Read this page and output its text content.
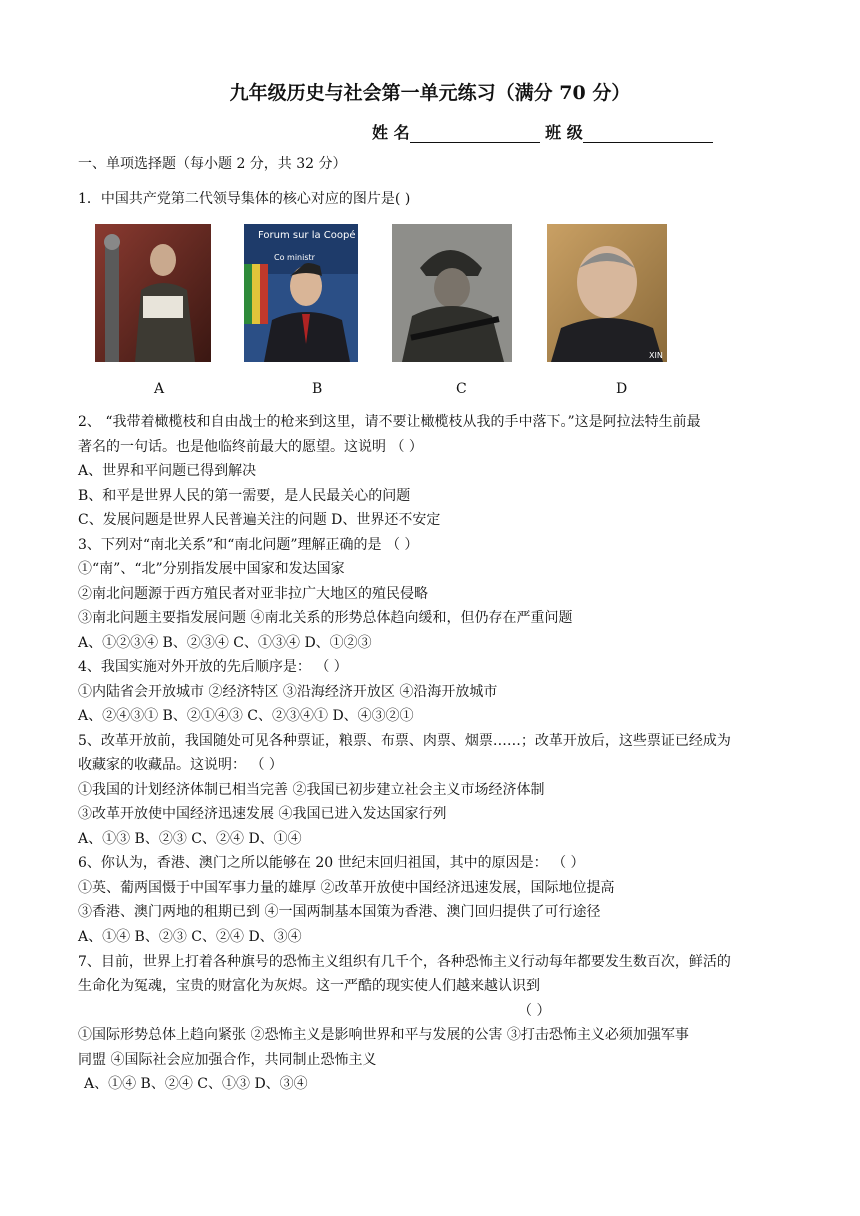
九年级历史与社会第一单元练习（满分 70 分）
姓 名	班 级
一、单项选择题（每小题 2 分，共 32 分）
1．中国共产党第二代领导集体的核心对应的图片是( )
Forum sur la Coopé
Co ministr
XIN
A	B	C	D
2、 “我带着橄榄枝和自由战士的枪来到这里，请不要让橄榄枝从我的手中落下。”这是阿拉法特生前最
著名的一句话。也是他临终前最大的愿望。这说明 （ ）
A、世界和平问题已得到解决
B、和平是世界人民的第一需要，是人民最关心的问题
C、发展问题是世界人民普遍关注的问题 D、世界还不安定
3、下列对“南北关系”和“南北问题”理解正确的是 （ ）
①“南”、“北”分别指发展中国家和发达国家
②南北问题源于西方殖民者对亚非拉广大地区的殖民侵略
③南北问题主要指发展问题 ④南北关系的形势总体趋向缓和，但仍存在严重问题
A、①②③④ B、②③④ C、①③④ D、①②③
4、我国实施对外开放的先后顺序是： （ ）
①内陆省会开放城市 ②经济特区 ③沿海经济开放区 ④沿海开放城市
A、②④③① B、②①④③ C、②③④① D、④③②①
5、改革开放前，我国随处可见各种票证，粮票、布票、肉票、烟票……；改革开放后，这些票证已经成为
收藏家的收藏品。这说明： （ ）
①我国的计划经济体制已相当完善 ②我国已初步建立社会主义市场经济体制
③改革开放使中国经济迅速发展 ④我国已进入发达国家行列
A、①③ B、②③ C、②④ D、①④
6、你认为，香港、澳门之所以能够在 20 世纪末回归祖国，其中的原因是： （ ）
①英、葡两国慑于中国军事力量的雄厚 ②改革开放使中国经济迅速发展，国际地位提高
③香港、澳门两地的租期已到 ④一国两制基本国策为香港、澳门回归提供了可行途径
A、①④ B、②③ C、②④ D、③④
7、目前，世界上打着各种旗号的恐怖主义组织有几千个，各种恐怖主义行动每年都要发生数百次，鲜活的
生命化为冤魂，宝贵的财富化为灰烬。这一严酷的现实使人们越来越认识到
（ ）
①国际形势总体上趋向紧张 ②恐怖主义是影响世界和平与发展的公害 ③打击恐怖主义必须加强军事
同盟 ④国际社会应加强合作，共同制止恐怖主义
A、①④ B、②④ C、①③ D、③④
